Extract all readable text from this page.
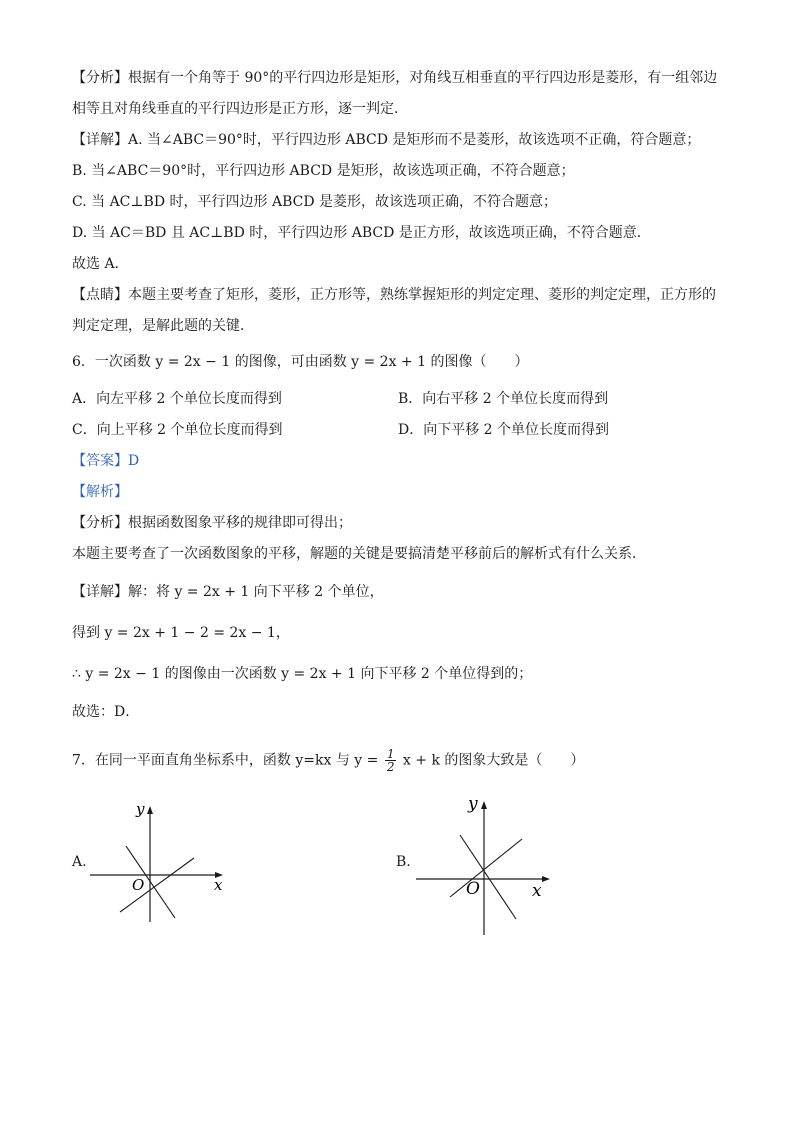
【分析】根据有一个角等于 90°的平行四边形是矩形，对角线互相垂直的平行四边形是菱形，有一组邻边
相等且对角线垂直的平行四边形是正方形，逐一判定．
【详解】A. 当∠ABC＝90°时，平行四边形 ABCD 是矩形而不是菱形，故该选项不正确，符合题意；
B. 当∠ABC＝90°时，平行四边形 ABCD 是矩形，故该选项正确，不符合题意；
C. 当 AC⊥BD 时，平行四边形 ABCD 是菱形，故该选项正确，不符合题意；
D. 当 AC＝BD 且 AC⊥BD 时，平行四边形 ABCD 是正方形，故该选项正确，不符合题意．
故选 A．
【点睛】本题主要考查了矩形，菱形，正方形等，熟练掌握矩形的判定定理、菱形的判定定理，正方形的
判定定理，是解此题的关键．
6．一次函数 y = 2x − 1 的图像，可由函数 y = 2x + 1 的图像（　　）
A．向左平移 2 个单位长度而得到	B．向右平移 2 个单位长度而得到
C．向上平移 2 个单位长度而得到	D．向下平移 2 个单位长度而得到
【答案】D
【解析】
【分析】根据函数图象平移的规律即可得出；
本题主要考查了一次函数图象的平移，解题的关键是要搞清楚平移前后的解析式有什么关系．
【详解】解：将 y = 2x + 1 向下平移 2 个单位，
得到 y = 2x + 1 − 2 = 2x − 1，
∴ y = 2x − 1 的图像由一次函数 y = 2x + 1 向下平移 2 个单位得到的；
故选：D．
7．在同一平面直角坐标系中，函数 y=kx 与 $y = \frac{1}{2}$ x + k 的图象大致是（　　）
A.
y
x
O
B.
y
x
O
